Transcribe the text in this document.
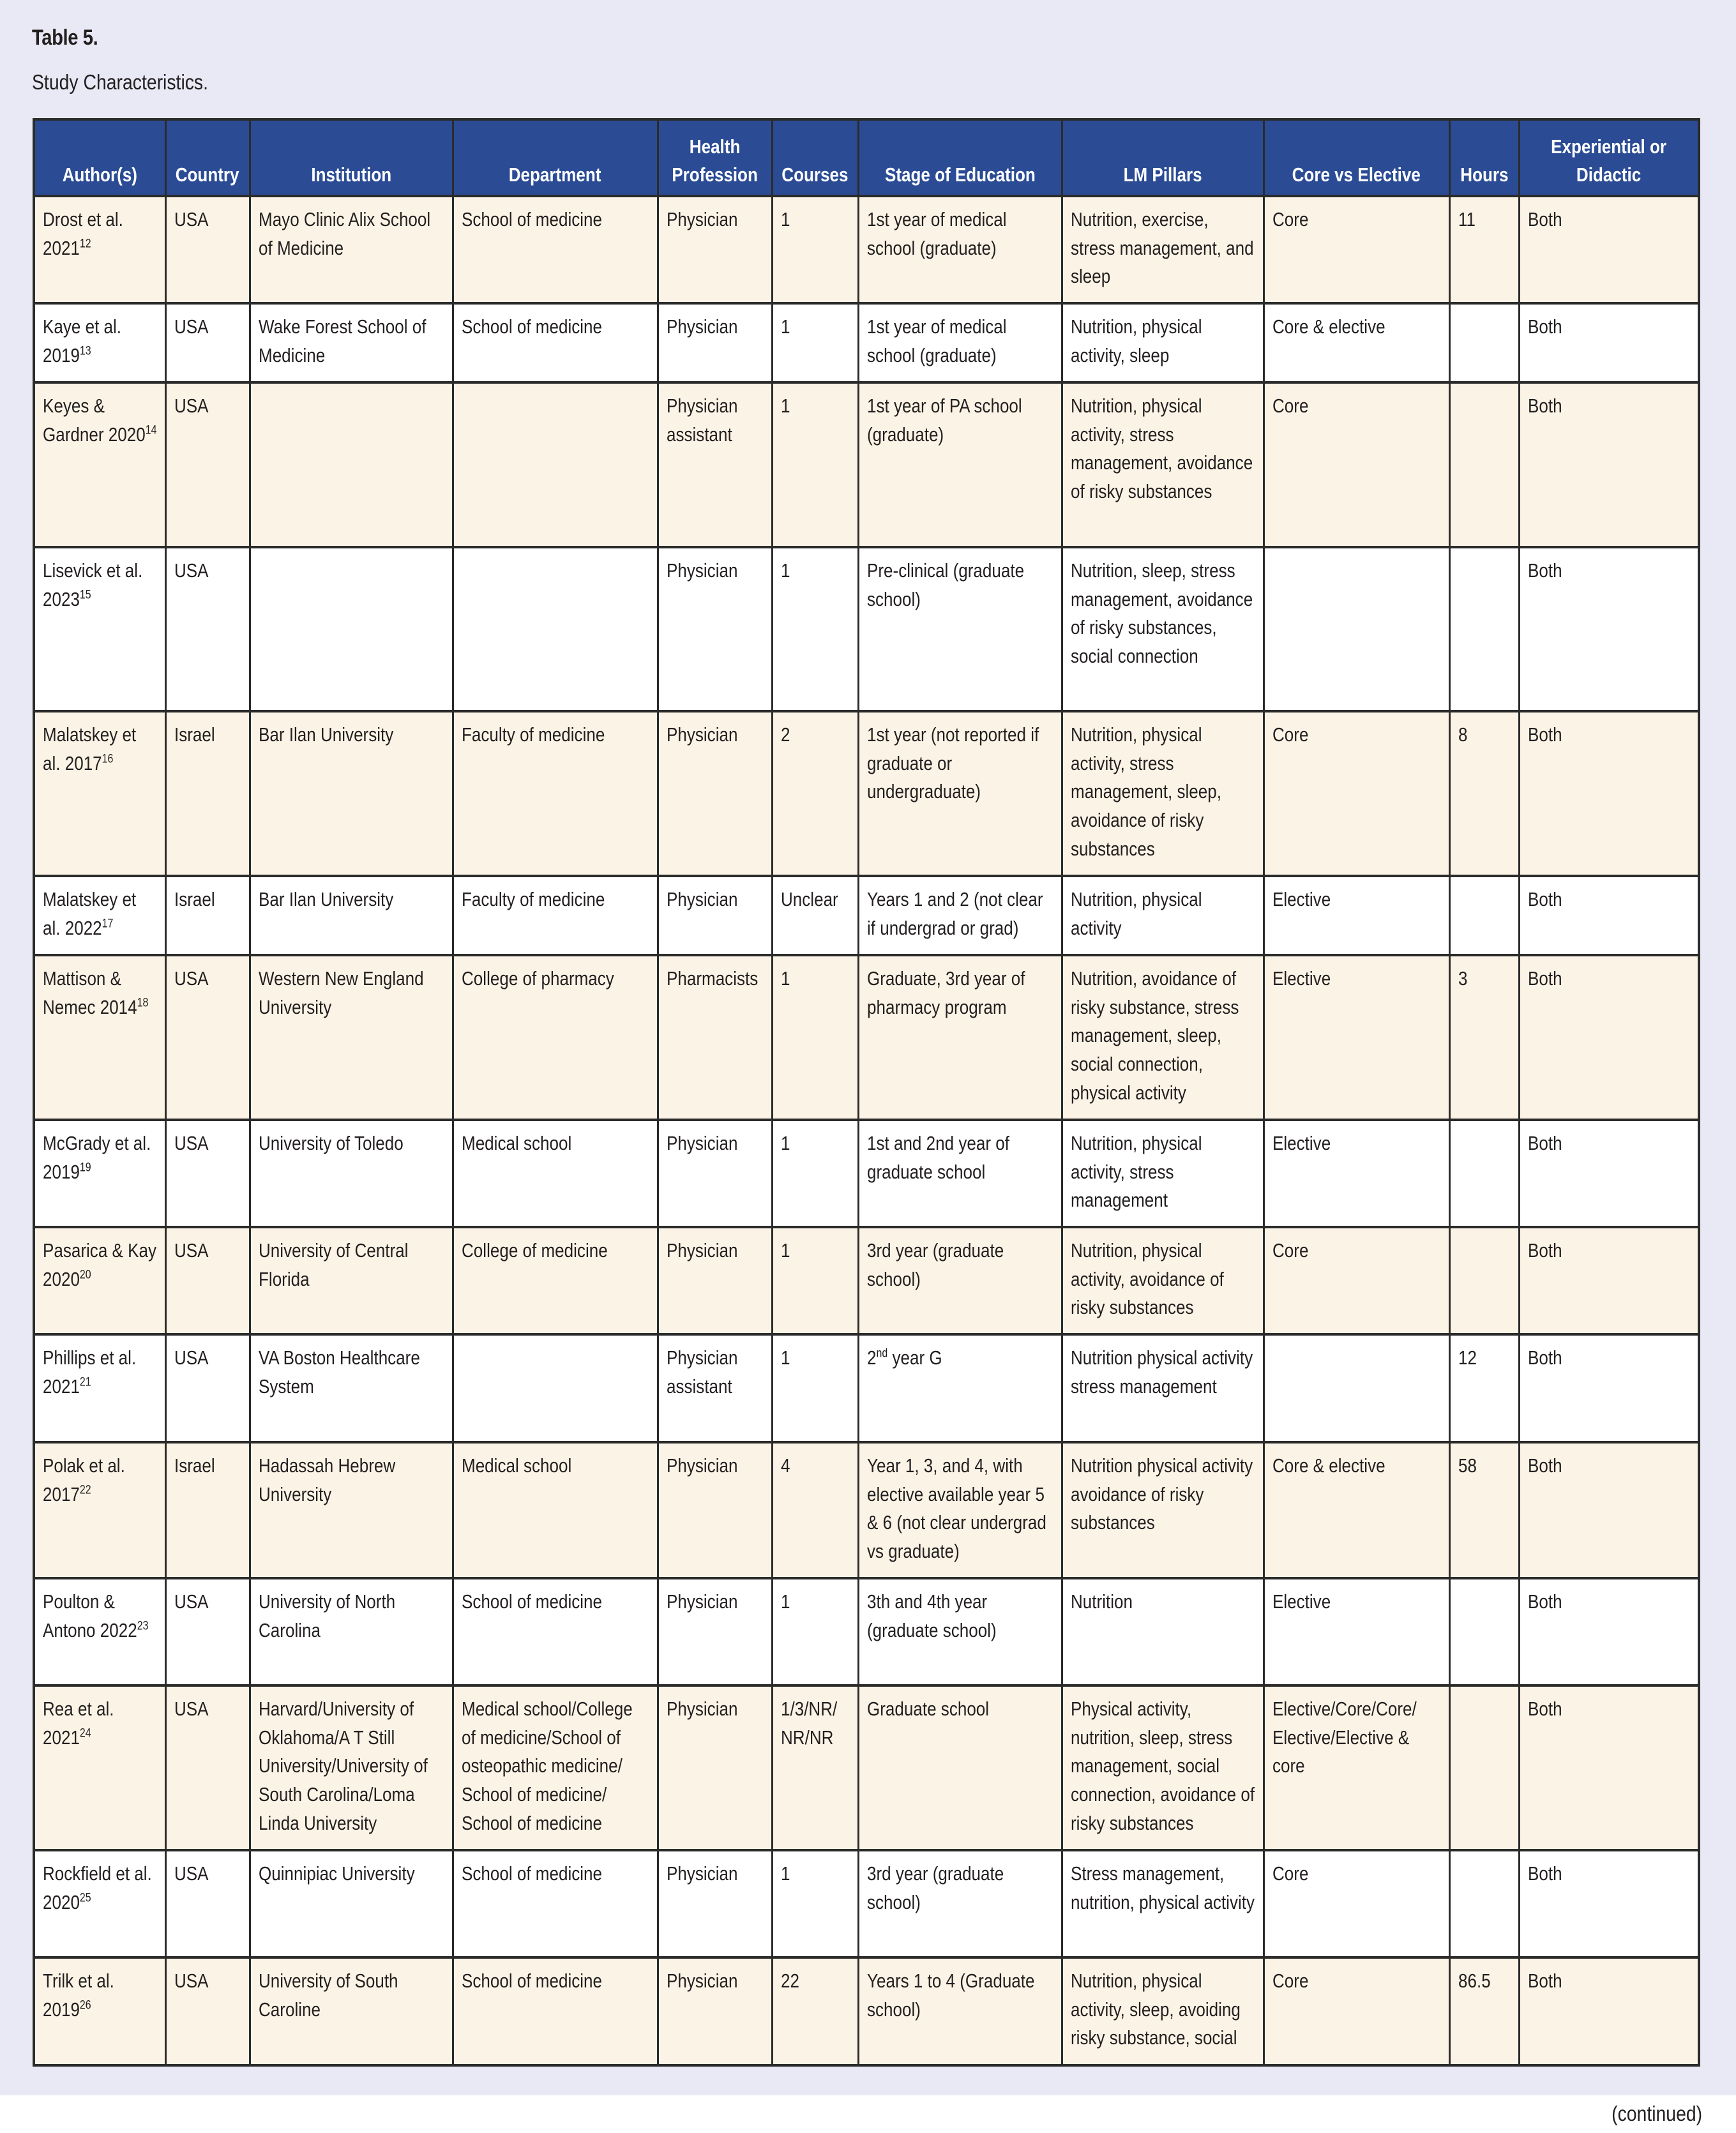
Table 5.
Study Characteristics.
Author(s)	Country	Institution	Department	Health Profession	Courses	Stage of Education	LM Pillars	Core vs Elective	Hours	Experiential or Didactic

Drost et al. 2021$^{12}$	USA	Mayo Clinic Alix School of Medicine	School of medicine	Physician	1	1st year of medical school (graduate)	Nutrition, exercise, stress management, and sleep	Core	11	Both

Kaye et al. 2019$^{13}$	USA	Wake Forest School of Medicine	School of medicine	Physician	1	1st year of medical school (graduate)	Nutrition, physical activity, sleep	Core & elective		Both

Keyes & Gardner 2020$^{14}$	USA			Physician assistant	1	1st year of PA school (graduate)	Nutrition, physical activity, stress management, avoidance of risky substances	Core		Both

Lisevick et al. 2023$^{15}$	USA			Physician	1	Pre-clinical (graduate school)	Nutrition, sleep, stress management, avoidance of risky substances, social connection			Both

Malatskey et al. 2017$^{16}$	Israel	Bar Ilan University	Faculty of medicine	Physician	2	1st year (not reported if graduate or undergraduate)	Nutrition, physical activity, stress management, sleep, avoidance of risky substances	Core	8	Both

Malatskey et al. 2022$^{17}$	Israel	Bar Ilan University	Faculty of medicine	Physician	Unclear	Years 1 and 2 (not clear if undergrad or grad)	Nutrition, physical activity	Elective		Both

Mattison & Nemec 2014$^{18}$	USA	Western New England University	College of pharmacy	Pharmacists	1	Graduate, 3rd year of pharmacy program	Nutrition, avoidance of risky substance, stress management, sleep, social connection, physical activity	Elective	3	Both

McGrady et al. 2019$^{19}$	USA	University of Toledo	Medical school	Physician	1	1st and 2nd year of graduate school	Nutrition, physical activity, stress management	Elective		Both

Pasarica & Kay 2020$^{20}$	USA	University of Central Florida	College of medicine	Physician	1	3rd year (graduate school)	Nutrition, physical activity, avoidance of risky substances	Core		Both

Phillips et al. 2021$^{21}$	USA	VA Boston Healthcare System		Physician assistant	1	2nd year G	Nutrition physical activity stress management		12	Both

Polak et al. 2017$^{22}$	Israel	Hadassah Hebrew University	Medical school	Physician	4	Year 1, 3, and 4, with elective available year 5 & 6 (not clear undergrad vs graduate)	Nutrition physical activity avoidance of risky substances	Core & elective	58	Both

Poulton & Antono 2022$^{23}$	USA	University of North Carolina	School of medicine	Physician	1	3th and 4th year (graduate school)	Nutrition	Elective		Both

Rea et al. 2021$^{24}$	USA	Harvard/University of Oklahoma/A T Still University/University of South Carolina/Loma Linda University	Medical school/College of medicine/School of osteopathic medicine/ School of medicine/ School of medicine	Physician	1/3/NR/ NR/NR	Graduate school	Physical activity, nutrition, sleep, stress management, social connection, avoidance of risky substances	Elective/Core/Core/ Elective/Elective & core		Both

Rockfield et al. 2020$^{25}$	USA	Quinnipiac University	School of medicine	Physician	1	3rd year (graduate school)	Stress management, nutrition, physical activity	Core		Both

Trilk et al. 2019$^{26}$	USA	University of South Caroline	School of medicine	Physician	22	Years 1 to 4 (Graduate school)	Nutrition, physical activity, sleep, avoiding risky substance, social	Core	86.5	Both
(continued)
